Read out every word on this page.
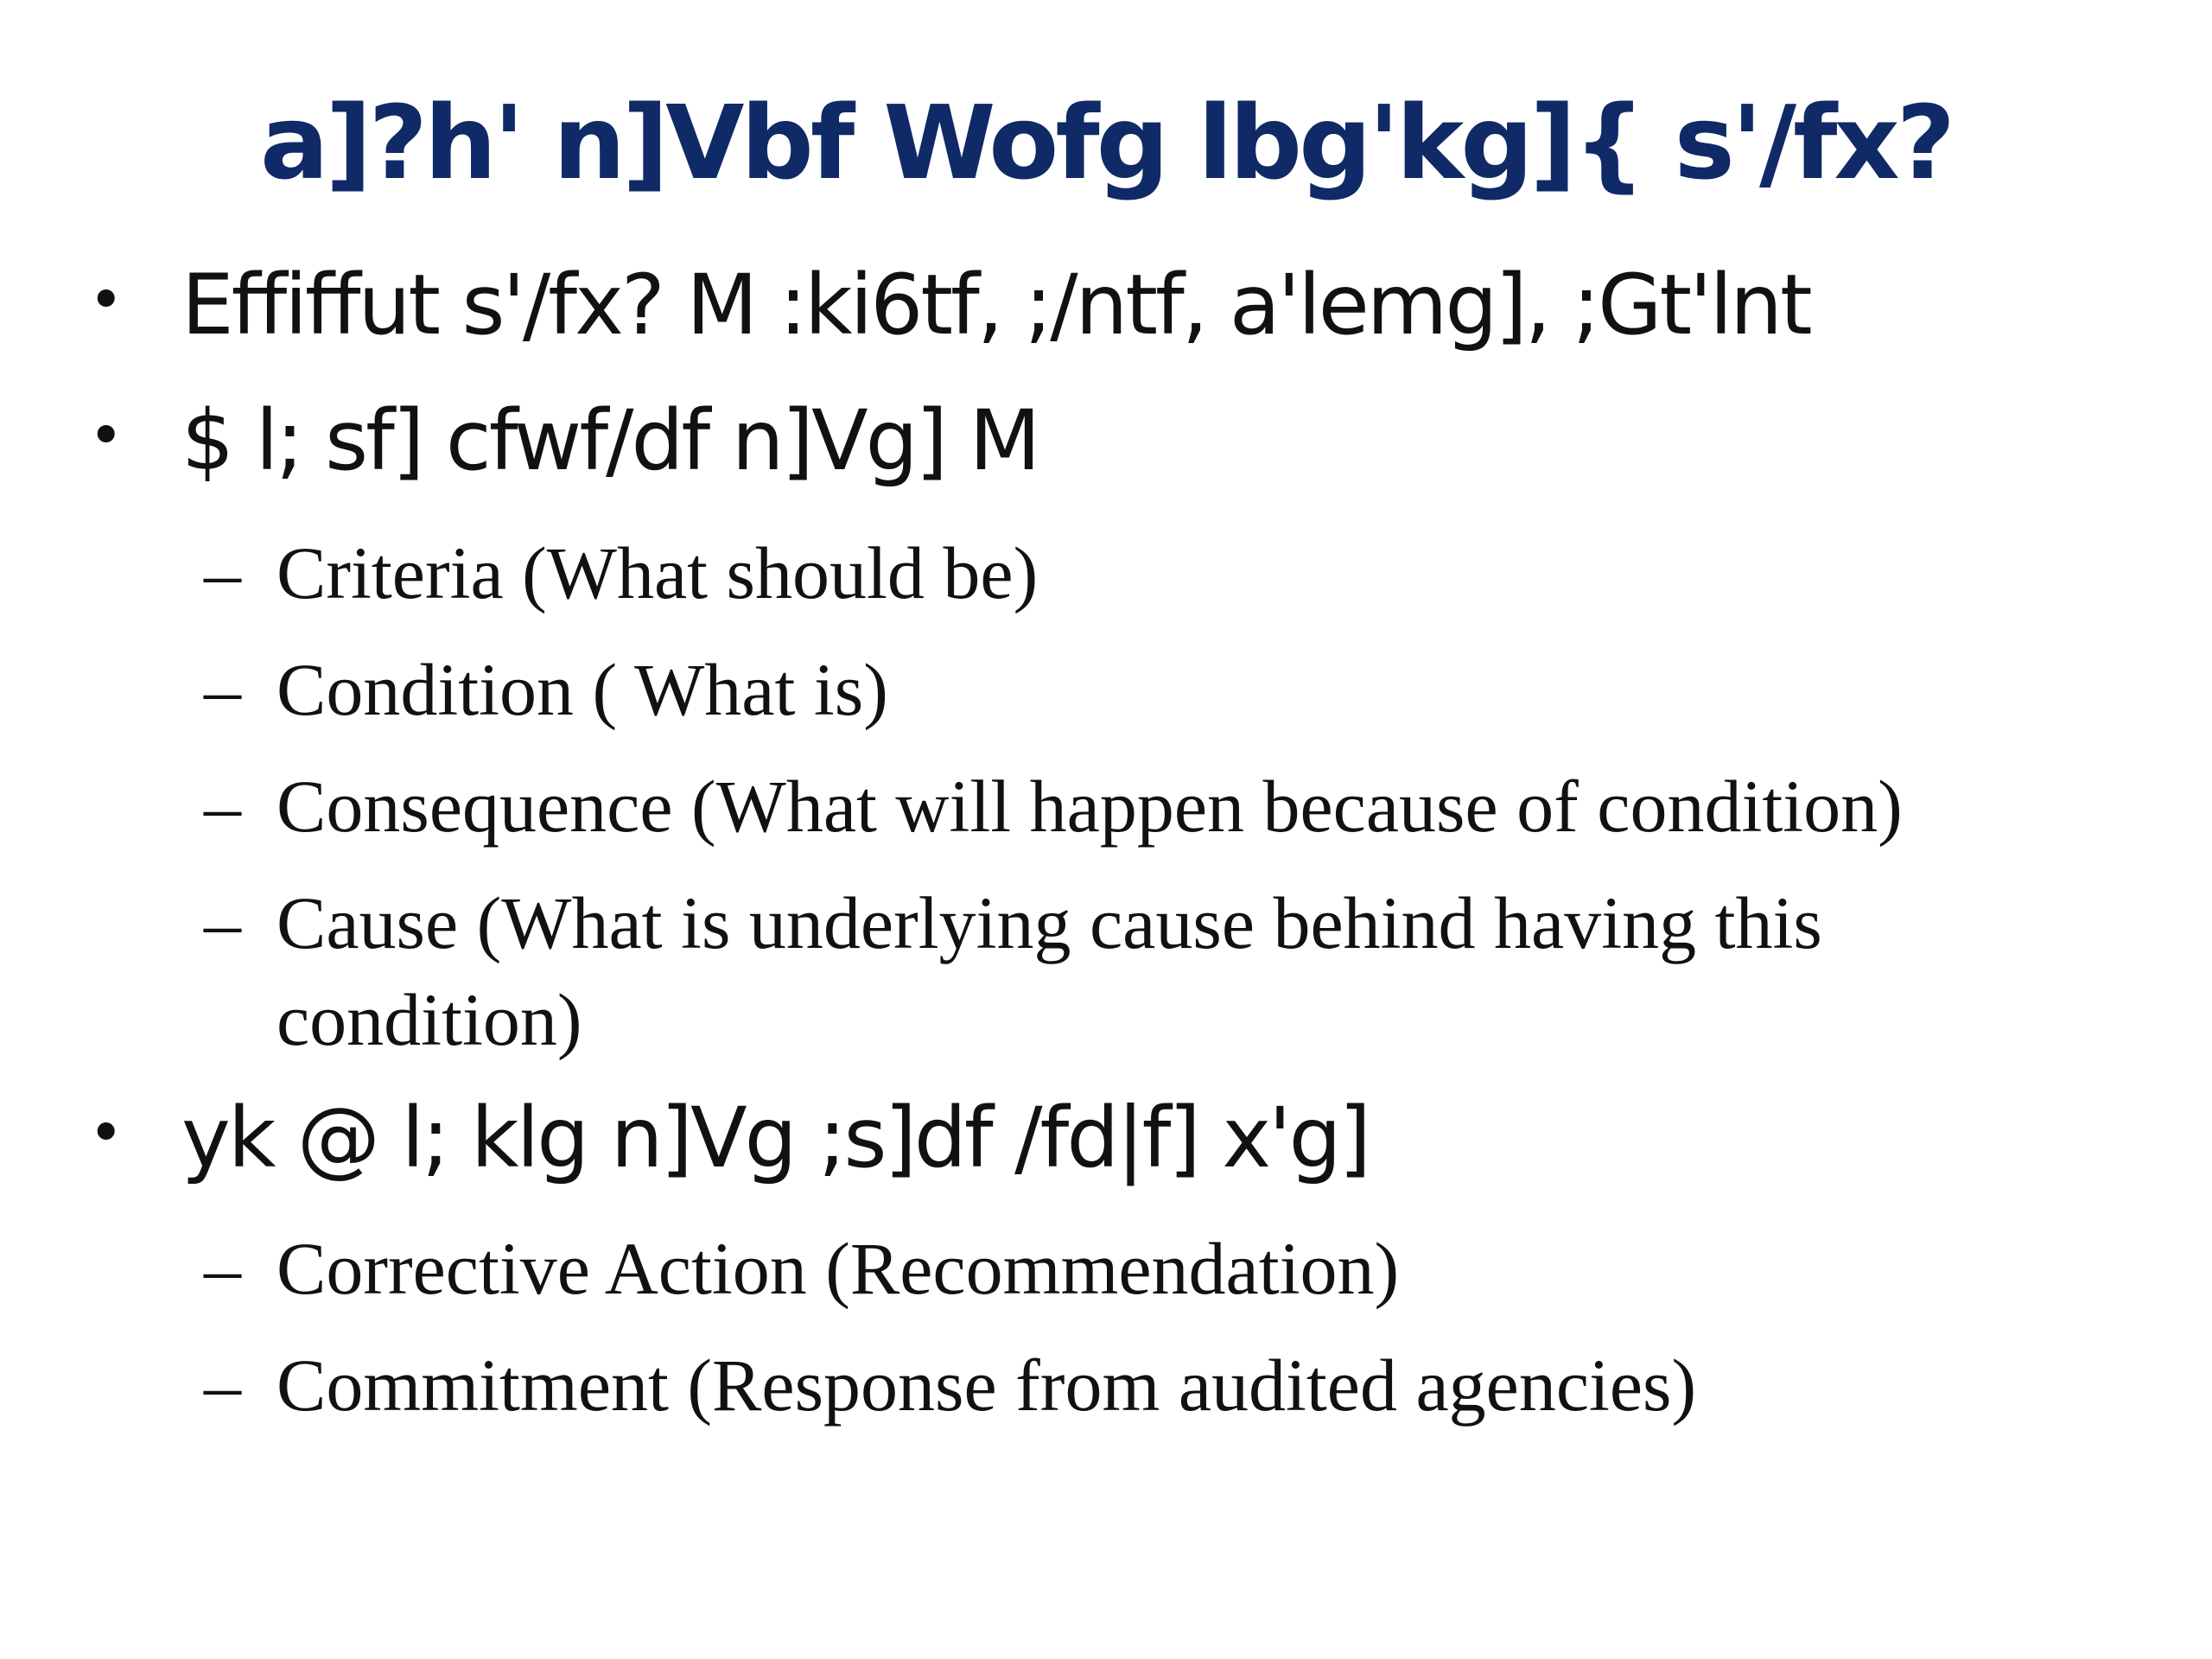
a]?h' n]Vbf Wofg lbg'kg]{ s'/fx?
• Effiffut s'/fx? M :ki6tf, ;/ntf, a'lemg], ;Gt'lnt
• $ l; sf] cfwf/df n]Vg] M
– Criteria (What should be)
– Condition ( What is)
– Consequence (What will happen because of condition)
– Cause (What is underlying cause behind having this
condition)
• yk @ l; klg n]Vg ;s]df /fd|f] x'g]
– Corrective Action (Recommendation)
– Commitment (Response from audited agencies)
